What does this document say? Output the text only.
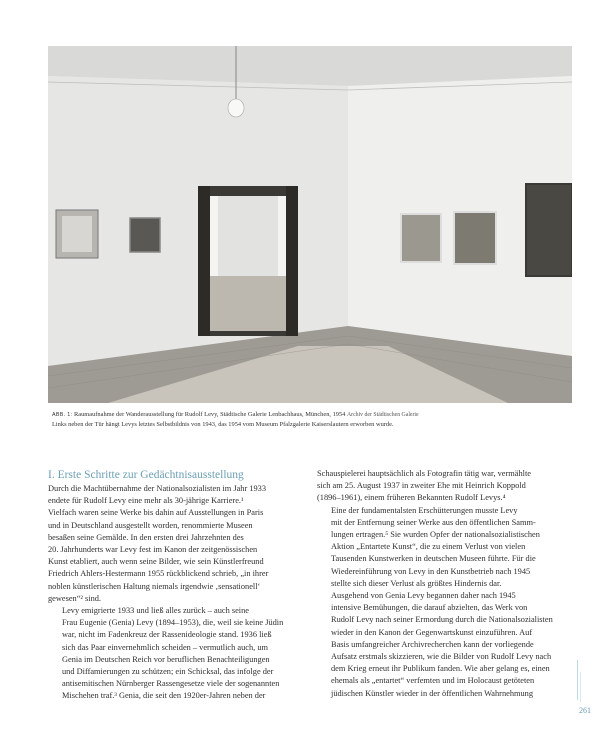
ABB. 1: Raumaufnahme der Wanderausstellung für Rudolf Levy, Städtische Galerie Lenbachhaus, München, 1954 Archiv der Städtischen Galerie
Links neben der Tür hängt Levys letztes Selbstbildnis von 1943, das 1954 vom Museum Pfalzgalerie Kaiserslautern erworben wurde.
I. Erste Schritte zur Gedächtnisausstellung

Durch die Machtübernahme der Nationalsozialisten im Jahr 1933
endete für Rudolf Levy eine mehr als 30-jährige Karriere.¹
Vielfach waren seine Werke bis dahin auf Ausstellungen in Paris
und in Deutschland ausgestellt worden, renommierte Museen
besaßen seine Gemälde. In den ersten drei Jahrzehnten des
20. Jahrhunderts war Levy fest im Kanon der zeitgenössischen
Kunst etabliert, auch wenn seine Bilder, wie sein Künstlerfreund
Friedrich Ahlers-Hestermann 1955 rückblickend schrieb, „in ihrer
noblen künstlerischen Haltung niemals irgendwie ‚sensationell‘
gewesen“² sind.

Levy emigrierte 1933 und ließ alles zurück – auch seine
Frau Eugenie (Genia) Levy (1894–1953), die, weil sie keine Jüdin
war, nicht im Fadenkreuz der Rassenideologie stand. 1936 ließ
sich das Paar einvernehmlich scheiden – vermutlich auch, um
Genia im Deutschen Reich vor beruflichen Benachteiligungen
und Diffamierungen zu schützen; ein Schicksal, das infolge der
antisemitischen Nürnberger Rassengesetze viele der sogenannten
Mischehen traf.³ Genia, die seit den 1920er-Jahren neben der

Schauspielerei hauptsächlich als Fotografin tätig war, vermählte
sich am 25. August 1937 in zweiter Ehe mit Heinrich Koppold
(1896–1961), einem früheren Bekannten Rudolf Levys.⁴

Eine der fundamentalsten Erschütterungen musste Levy
mit der Entfernung seiner Werke aus den öffentlichen Samm-
lungen ertragen.⁵ Sie wurden Opfer der nationalsozialistischen
Aktion „Entartete Kunst“, die zu einem Verlust von vielen
Tausenden Kunstwerken in deutschen Museen führte. Für die
Wiedereinführung von Levy in den Kunstbetrieb nach 1945
stellte sich dieser Verlust als größtes Hindernis dar.

Ausgehend von Genia Levy begannen daher nach 1945
intensive Bemühungen, die darauf abzielten, das Werk von
Rudolf Levy nach seiner Ermordung durch die Nationalsozialisten
wieder in den Kanon der Gegenwartskunst einzuführen. Auf
Basis umfangreicher Archivrecherchen kann der vorliegende
Aufsatz erstmals skizzieren, wie die Bilder von Rudolf Levy nach
dem Krieg erneut ihr Publikum fanden. Wie aber gelang es, einen
ehemals als „entartet“ verfemten und im Holocaust getöteten
jüdischen Künstler wieder in der öffentlichen Wahrnehmung

261
